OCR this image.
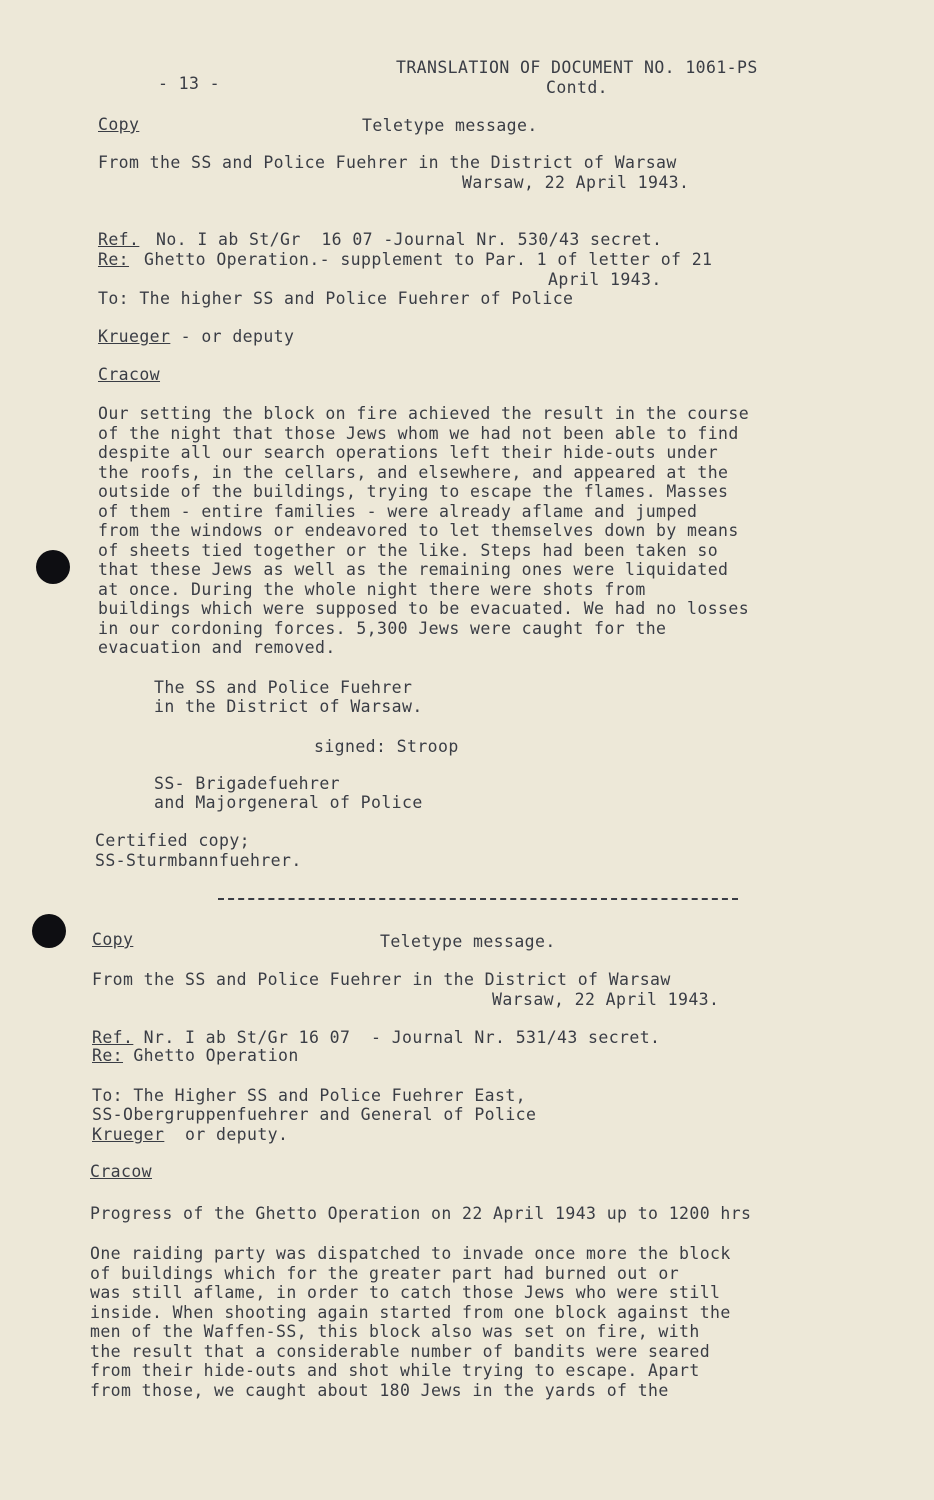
- 13 -
TRANSLATION OF DOCUMENT NO. 1061-PS
Contd.
Copy	Teletype message.
From the SS and Police Fuehrer in the District of Warsaw
Warsaw, 22 April 1943.
Ref. No. I ab St/Gr  16 07 -Journal Nr. 530/43 secret.
Re: Ghetto Operation.- supplement to Par. 1 of letter of 21
April 1943.
To: The higher SS and Police Fuehrer of Police
Krueger - or deputy
Cracow
Our setting the block on fire achieved the result in the course
of the night that those Jews whom we had not been able to find
despite all our search operations left their hide-outs under
the roofs, in the cellars, and elsewhere, and appeared at the
outside of the buildings, trying to escape the flames. Masses
of them - entire families - were already aflame and jumped
from the windows or endeavored to let themselves down by means
of sheets tied together or the like. Steps had been taken so
that these Jews as well as the remaining ones were liquidated
at once. During the whole night there were shots from
buildings which were supposed to be evacuated. We had no losses
in our cordoning forces. 5,300 Jews were caught for the
evacuation and removed.
The SS and Police Fuehrer
in the District of Warsaw.
signed: Stroop
SS- Brigadefuehrer
and Majorgeneral of Police
Certified copy;
SS-Sturmbannfuehrer.
Copy	Teletype message.
From the SS and Police Fuehrer in the District of Warsaw
Warsaw, 22 April 1943.
Ref. Nr. I ab St/Gr 16 07  - Journal Nr. 531/43 secret.
Re: Ghetto Operation
To: The Higher SS and Police Fuehrer East,
SS-Obergruppenfuehrer and General of Police
Krueger  or deputy.
Cracow
Progress of the Ghetto Operation on 22 April 1943 up to 1200 hrs
One raiding party was dispatched to invade once more the block
of buildings which for the greater part had burned out or
was still aflame, in order to catch those Jews who were still
inside. When shooting again started from one block against the
men of the Waffen-SS, this block also was set on fire, with
the result that a considerable number of bandits were seared
from their hide-outs and shot while trying to escape. Apart
from those, we caught about 180 Jews in the yards of the
